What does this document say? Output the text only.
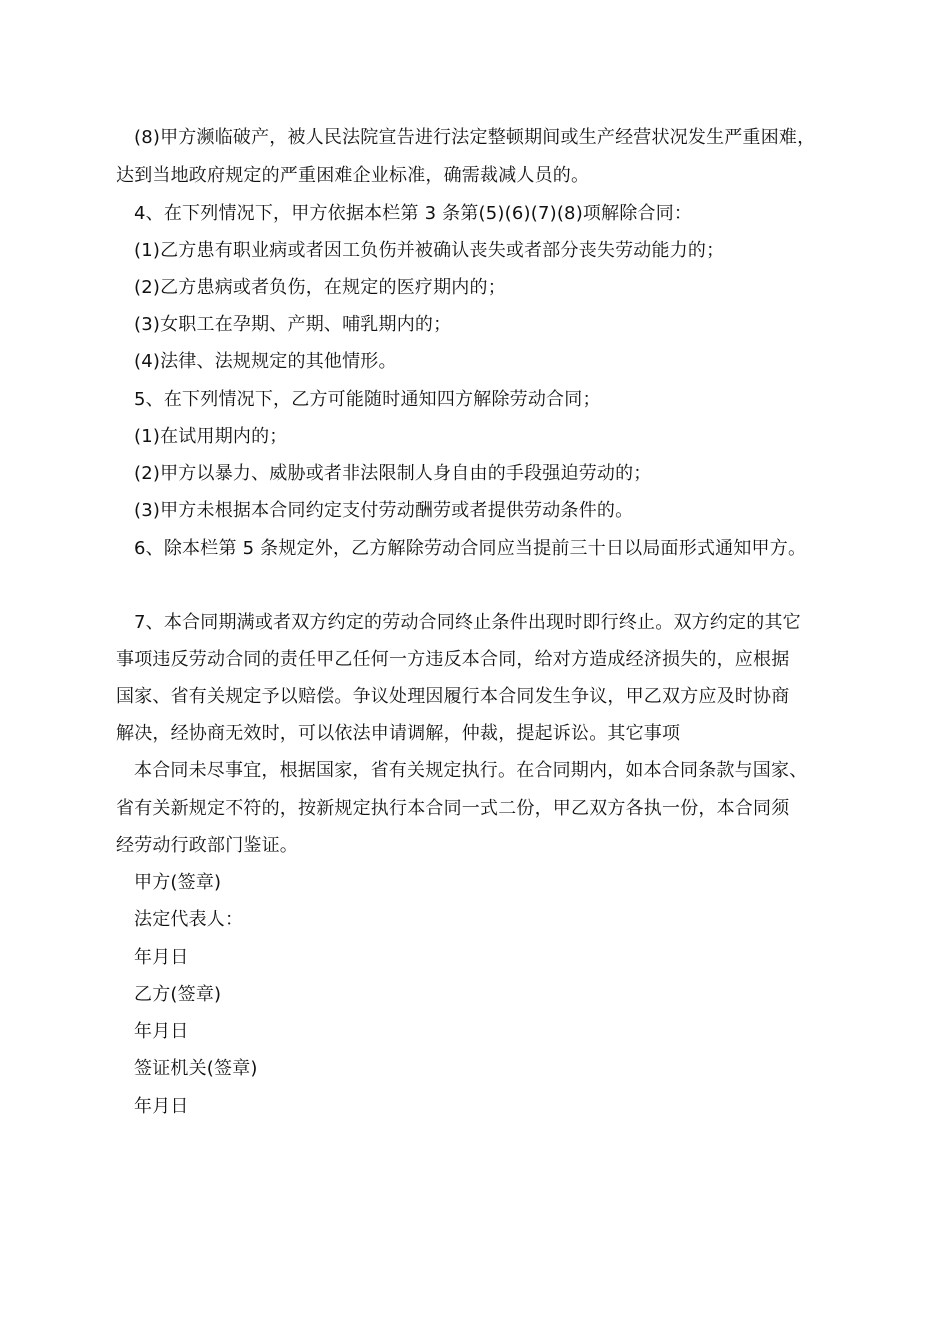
(8)甲方濒临破产，被人民法院宣告进行法定整顿期间或生产经营状况发生严重困难，
达到当地政府规定的严重困难企业标准，确需裁减人员的。
4、在下列情况下，甲方依据本栏第 3 条第(5)(6)(7)(8)项解除合同：
(1)乙方患有职业病或者因工负伤并被确认丧失或者部分丧失劳动能力的；
(2)乙方患病或者负伤，在规定的医疗期内的；
(3)女职工在孕期、产期、哺乳期内的；
(4)法律、法规规定的其他情形。
5、在下列情况下，乙方可能随时通知四方解除劳动合同；
(1)在试用期内的；
(2)甲方以暴力、威胁或者非法限制人身自由的手段强迫劳动的；
(3)甲方未根据本合同约定支付劳动酬劳或者提供劳动条件的。
6、除本栏第 5 条规定外，乙方解除劳动合同应当提前三十日以局面形式通知甲方。
7、本合同期满或者双方约定的劳动合同终止条件出现时即行终止。双方约定的其它
事项违反劳动合同的责任甲乙任何一方违反本合同，给对方造成经济损失的，应根据
国家、省有关规定予以赔偿。争议处理因履行本合同发生争议，甲乙双方应及时协商
解决，经协商无效时，可以依法申请调解，仲裁，提起诉讼。其它事项
本合同未尽事宜，根据国家，省有关规定执行。在合同期内，如本合同条款与国家、
省有关新规定不符的，按新规定执行本合同一式二份，甲乙双方各执一份，本合同须
经劳动行政部门鉴证。
甲方(签章)
法定代表人：
年月日
乙方(签章)
年月日
签证机关(签章)
年月日
